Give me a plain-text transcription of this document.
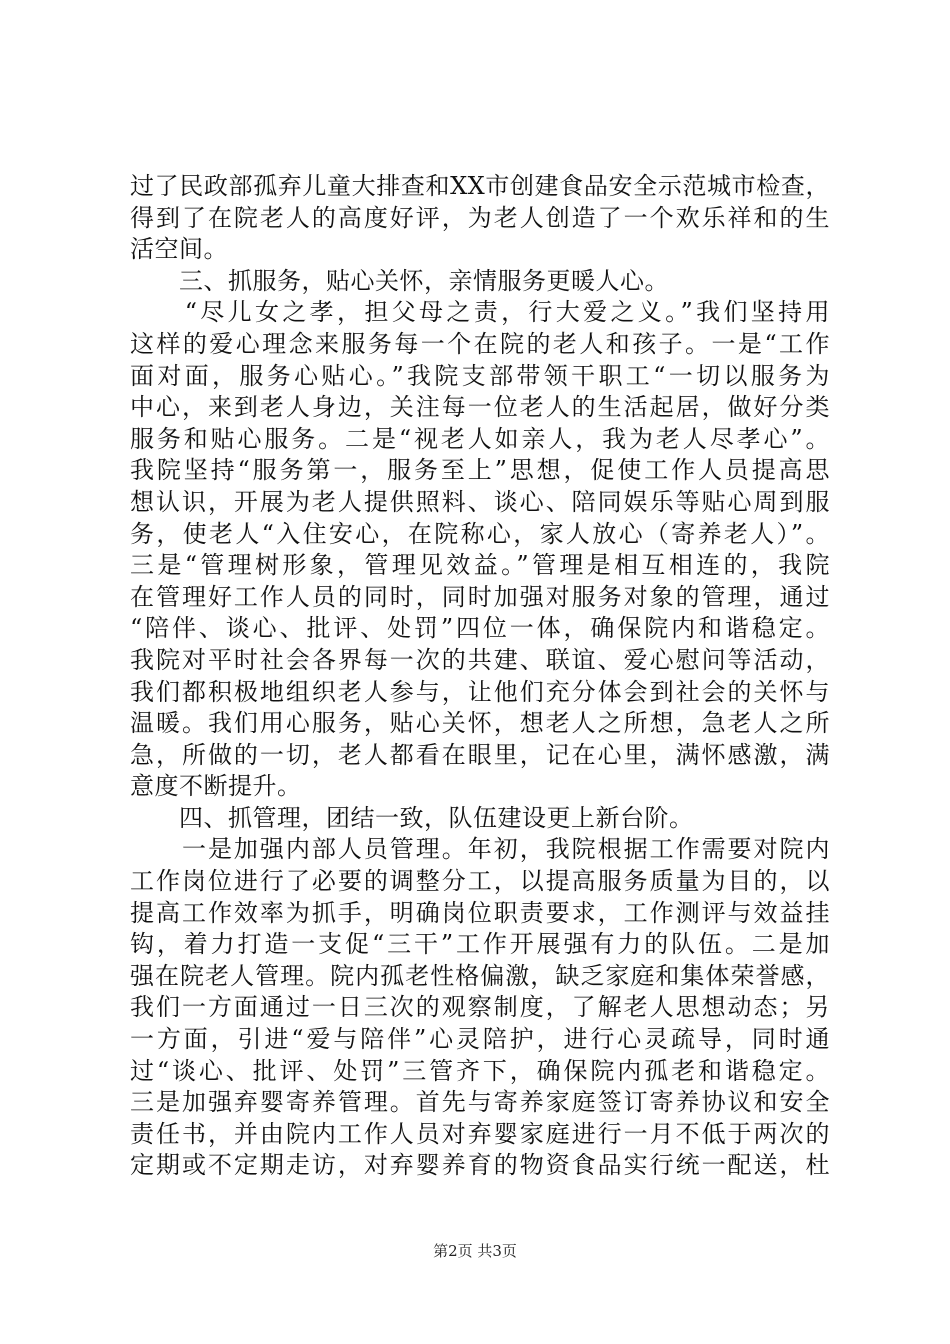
过了民政部孤弃儿童大排查和XX市创建食品安全示范城市检查，
得到了在院老人的高度好评，为老人创造了一个欢乐祥和的生
活空间。
　　三、抓服务，贴心关怀，亲情服务更暖人心。
　　“尽儿女之孝，担父母之责，行大爱之义。”我们坚持用
这样的爱心理念来服务每一个在院的老人和孩子。一是“工作
面对面，服务心贴心。”我院支部带领干职工“一切以服务为
中心，来到老人身边，关注每一位老人的生活起居，做好分类
服务和贴心服务。二是“视老人如亲人，我为老人尽孝心”。
我院坚持“服务第一，服务至上”思想，促使工作人员提高思
想认识，开展为老人提供照料、谈心、陪同娱乐等贴心周到服
务，使老人“入住安心，在院称心，家人放心（寄养老人）”。
三是“管理树形象，管理见效益。”管理是相互相连的，我院
在管理好工作人员的同时，同时加强对服务对象的管理，通过
“陪伴、谈心、批评、处罚”四位一体，确保院内和谐稳定。
我院对平时社会各界每一次的共建、联谊、爱心慰问等活动，
我们都积极地组织老人参与，让他们充分体会到社会的关怀与
温暖。我们用心服务，贴心关怀，想老人之所想，急老人之所
急，所做的一切，老人都看在眼里，记在心里，满怀感激，满
意度不断提升。
　　四、抓管理，团结一致，队伍建设更上新台阶。
　　一是加强内部人员管理。年初，我院根据工作需要对院内
工作岗位进行了必要的调整分工，以提高服务质量为目的，以
提高工作效率为抓手，明确岗位职责要求，工作测评与效益挂
钩，着力打造一支促“三干”工作开展强有力的队伍。二是加
强在院老人管理。院内孤老性格偏激，缺乏家庭和集体荣誉感，
我们一方面通过一日三次的观察制度，了解老人思想动态；另
一方面，引进“爱与陪伴”心灵陪护，进行心灵疏导，同时通
过“谈心、批评、处罚”三管齐下，确保院内孤老和谐稳定。
三是加强弃婴寄养管理。首先与寄养家庭签订寄养协议和安全
责任书，并由院内工作人员对弃婴家庭进行一月不低于两次的
定期或不定期走访，对弃婴养育的物资食品实行统一配送，杜
第2页 共3页
